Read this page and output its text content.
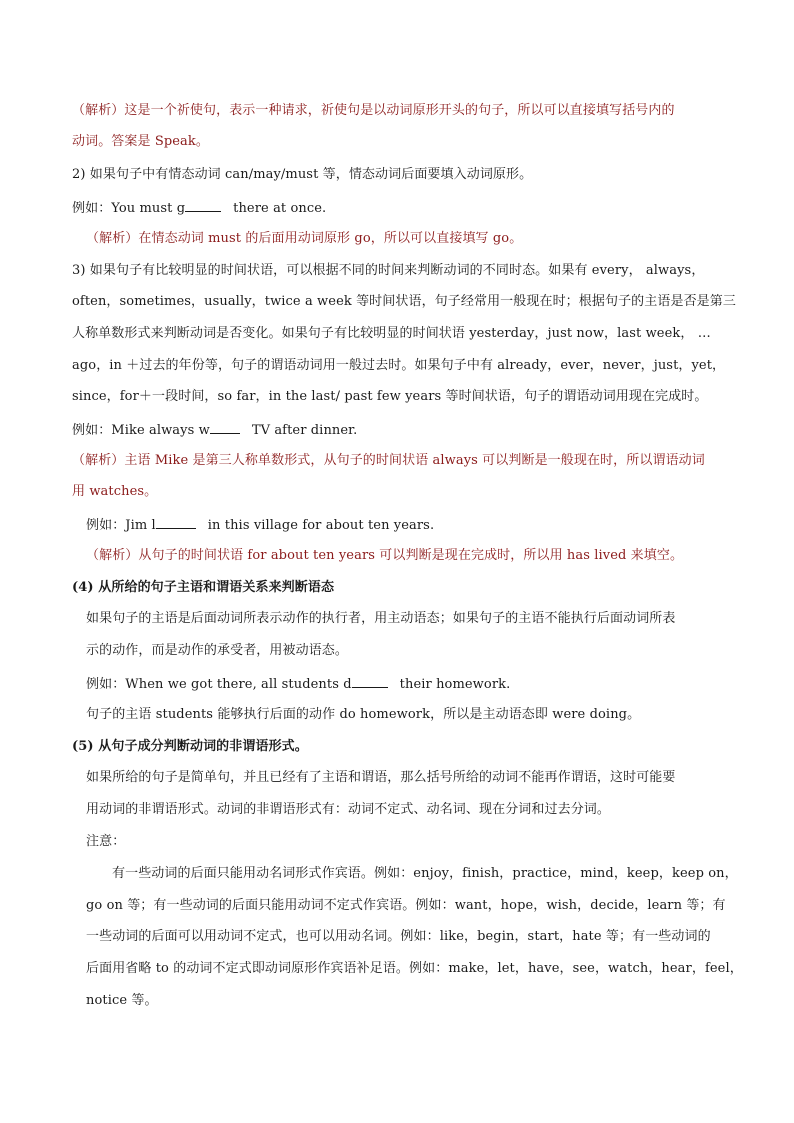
（解析）这是一个祈使句，表示一种请求，祈使句是以动词原形开头的句子，所以可以直接填写括号内的
动词。答案是 Speak。
2) 如果句子中有情态动词 can/may/must 等，情态动词后面要填入动词原形。
例如：You must g	there at once.
（解析）在情态动词 must 的后面用动词原形 go，所以可以直接填写 go。
3) 如果句子有比较明显的时间状语，可以根据不同的时间来判断动词的不同时态。如果有 every， always，
often，sometimes，usually，twice a week 等时间状语，句子经常用一般现在时；根据句子的主语是否是第三
人称单数形式来判断动词是否变化。如果句子有比较明显的时间状语 yesterday，just now，last week， …
ago，in ＋过去的年份等，句子的谓语动词用一般过去时。如果句子中有 already，ever，never，just，yet，
since，for＋一段时间，so far，in the last/ past few years 等时间状语，句子的谓语动词用现在完成时。
例如：Mike always w	TV after dinner.
（解析）主语 Mike 是第三人称单数形式，从句子的时间状语 always 可以判断是一般现在时，所以谓语动词
用 watches。
例如：Jim l	in this village for about ten years.
（解析）从句子的时间状语 for about ten years 可以判断是现在完成时，所以用 has lived 来填空。
(4) 从所给的句子主语和谓语关系来判断语态
如果句子的主语是后面动词所表示动作的执行者，用主动语态；如果句子的主语不能执行后面动词所表
示的动作，而是动作的承受者，用被动语态。
例如：When we got there, all students d	their homework.
句子的主语 students 能够执行后面的动作 do homework，所以是主动语态即 were doing。
(5) 从句子成分判断动词的非谓语形式。
如果所给的句子是简单句，并且已经有了主语和谓语，那么括号所给的动词不能再作谓语，这时可能要
用动词的非谓语形式。动词的非谓语形式有：动词不定式、动名词、现在分词和过去分词。
注意：
有一些动词的后面只能用动名词形式作宾语。例如：enjoy，finish，practice，mind，keep，keep on，
go on 等；有一些动词的后面只能用动词不定式作宾语。例如：want，hope，wish，decide，learn 等；有
一些动词的后面可以用动词不定式，也可以用动名词。例如：like，begin，start，hate 等；有一些动词的
后面用省略 to 的动词不定式即动词原形作宾语补足语。例如：make，let，have，see，watch，hear，feel，
notice 等。
